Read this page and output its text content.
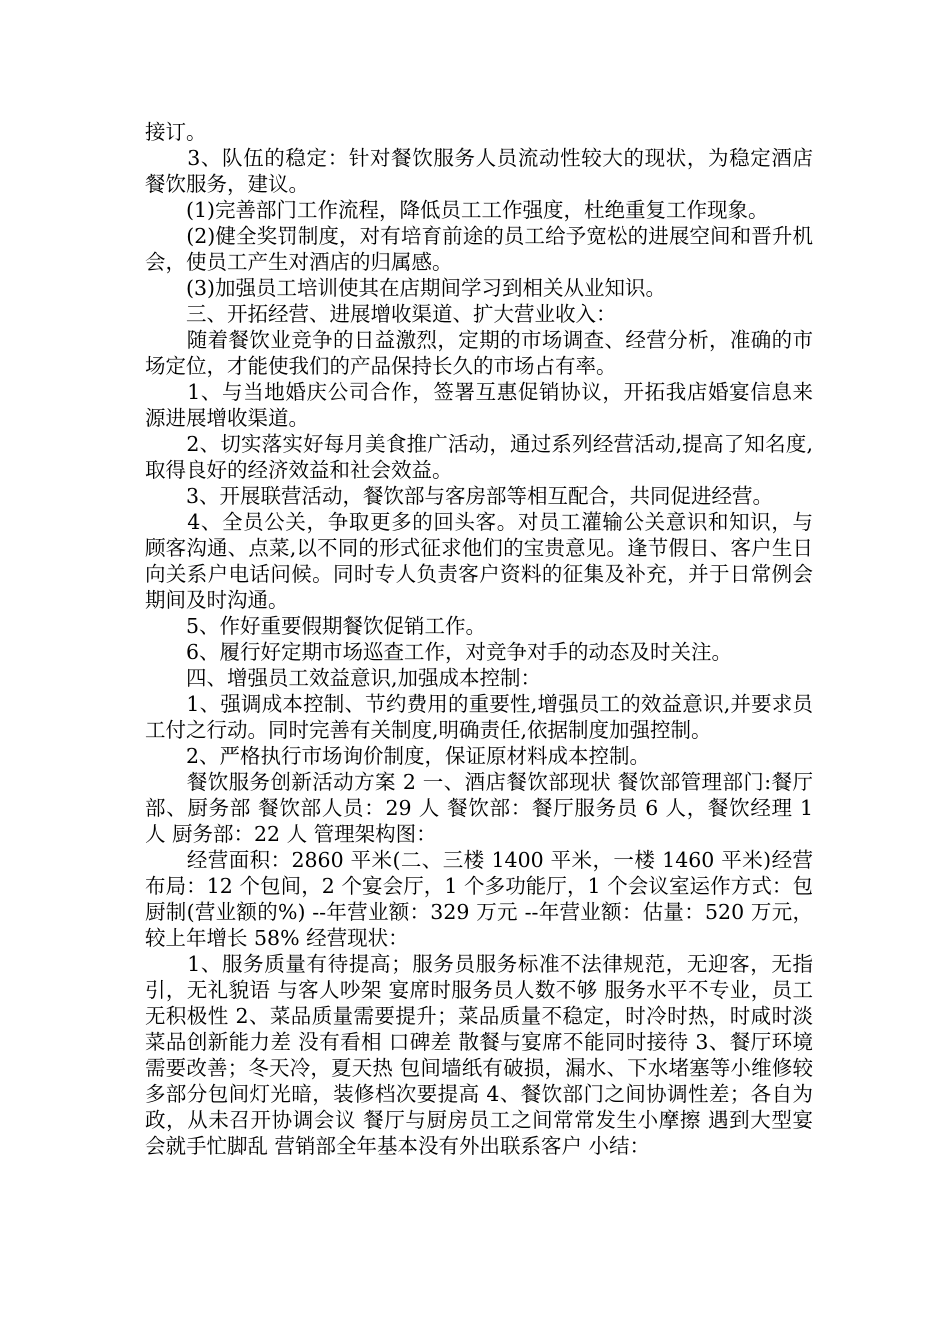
接订。

　　3、队伍的稳定：针对餐饮服务人员流动性较大的现状，为稳定酒店餐饮服务，建议。

　　(1)完善部门工作流程，降低员工工作强度，杜绝重复工作现象。

　　(2)健全奖罚制度，对有培育前途的员工给予宽松的进展空间和晋升机会，使员工产生对酒店的归属感。

　　(3)加强员工培训使其在店期间学习到相关从业知识。

　　三、开拓经营、进展增收渠道、扩大营业收入：

　　随着餐饮业竞争的日益激烈，定期的市场调查、经营分析，准确的市场定位，才能使我们的产品保持长久的市场占有率。

　　1、与当地婚庆公司合作，签署互惠促销协议，开拓我店婚宴信息来源进展增收渠道。

　　2、切实落实好每月美食推广活动，通过系列经营活动,提高了知名度,取得良好的经济效益和社会效益。

　　3、开展联营活动，餐饮部与客房部等相互配合，共同促进经营。

　　4、全员公关，争取更多的回头客。对员工灌输公关意识和知识，与顾客沟通、点菜,以不同的形式征求他们的宝贵意见。逢节假日、客户生日向关系户电话问候。同时专人负责客户资料的征集及补充，并于日常例会期间及时沟通。

　　5、作好重要假期餐饮促销工作。

　　6、履行好定期市场巡查工作，对竞争对手的动态及时关注。

　　四、增强员工效益意识,加强成本控制：

　　1、强调成本控制、节约费用的重要性,增强员工的效益意识,并要求员工付之行动。同时完善有关制度,明确责任,依据制度加强控制。

　　2、严格执行市场询价制度，保证原材料成本控制。

　　餐饮服务创新活动方案 2 一、酒店餐饮部现状 餐饮部管理部门:餐厅部、厨务部 餐饮部人员：29 人 餐饮部：餐厅服务员 6 人，餐饮经理 1 人 厨务部：22 人 管理架构图：

　　经营面积：2860 平米(二、三楼 1400 平米，一楼 1460 平米)经营布局：12 个包间，2 个宴会厅，1 个多功能厅，1 个会议室运作方式：包厨制(营业额的%) --年营业额：329 万元 --年营业额：估量：520 万元，较上年增长 58% 经营现状：

　　1、服务质量有待提高；服务员服务标准不法律规范，无迎客，无指引，无礼貌语 与客人吵架 宴席时服务员人数不够 服务水平不专业，员工无积极性 2、菜品质量需要提升；菜品质量不稳定，时冷时热，时咸时淡 菜品创新能力差 没有看相 口碑差 散餐与宴席不能同时接待 3、餐厅环境需要改善；冬天冷，夏天热 包间墙纸有破损，漏水、下水堵塞等小维修较多部分包间灯光暗，装修档次要提高 4、餐饮部门之间协调性差；各自为政，从未召开协调会议 餐厅与厨房员工之间常常发生小摩擦 遇到大型宴会就手忙脚乱 营销部全年基本没有外出联系客户 小结：
